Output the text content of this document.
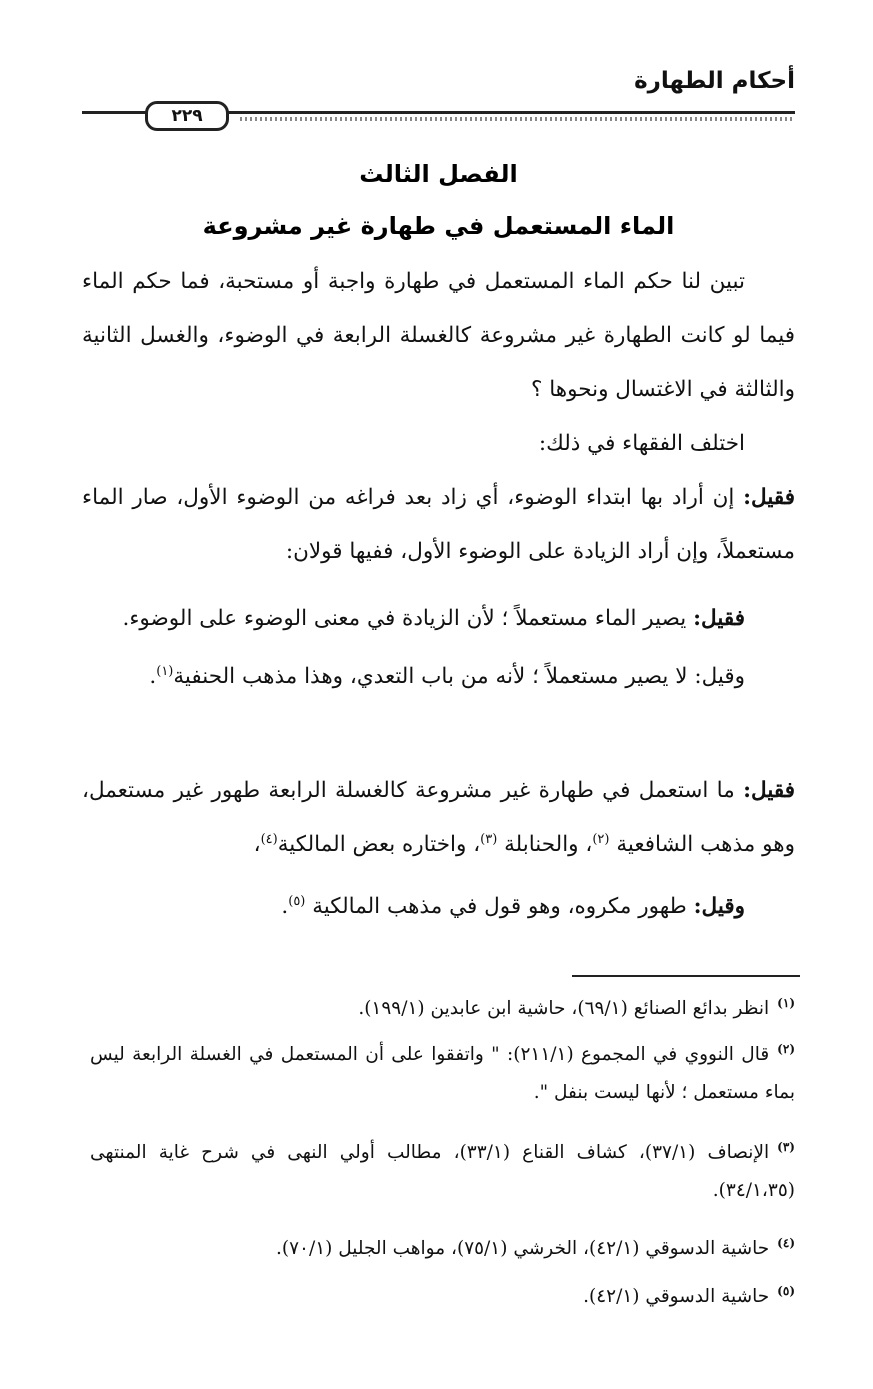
أحكام الطهارة
٢٢٩
الفصل الثالث
الماء المستعمل في طهارة غير مشروعة

تبين لنا حكم الماء المستعمل في طهارة واجبة أو مستحبة، فما حكم الماء فيما لو كانت الطهارة غير مشروعة كالغسلة الرابعة في الوضوء، والغسل الثانية والثالثة في الاغتسال ونحوها ؟

اختلف الفقهاء في ذلك:

فقيل: إن أراد بها ابتداء الوضوء، أي زاد بعد فراغه من الوضوء الأول، صار الماء مستعملاً، وإن أراد الزيادة على الوضوء الأول، ففيها قولان:

فقيل: يصير الماء مستعملاً ؛ لأن الزيادة في معنى الوضوء على الوضوء.

وقيل: لا يصير مستعملاً ؛ لأنه من باب التعدي، وهذا مذهب الحنفية$^{(١)}$.

فقيل: ما استعمل في طهارة غير مشروعة كالغسلة الرابعة طهور غير مستعمل، وهو مذهب الشافعية $^{(٢)}$، والحنابلة $^{(٣)}$، واختاره بعض المالكية$^{(٤)}$،

وقيل: طهور مكروه، وهو قول في مذهب المالكية $^{(٥)}$.

$^{(١)}$انظر بدائع الصنائع (٦٩/١)، حاشية ابن عابدين (١٩٩/١).

$^{(٢)}$قال النووي في المجموع (٢١١/١): " واتفقوا على أن المستعمل في الغسلة الرابعة ليس بماء مستعمل ؛ لأنها ليست بنفل ".

$^{(٣)}$الإنصاف (٣٧/١)، كشاف القناع (٣٣/١)، مطالب أولي النهى في شرح غاية المنتهى (٣٤/١،٣٥).

$^{(٤)}$حاشية الدسوقي (٤٢/١)، الخرشي (٧٥/١)، مواهب الجليل (٧٠/١).

$^{(٥)}$حاشية الدسوقي (٤٢/١).
